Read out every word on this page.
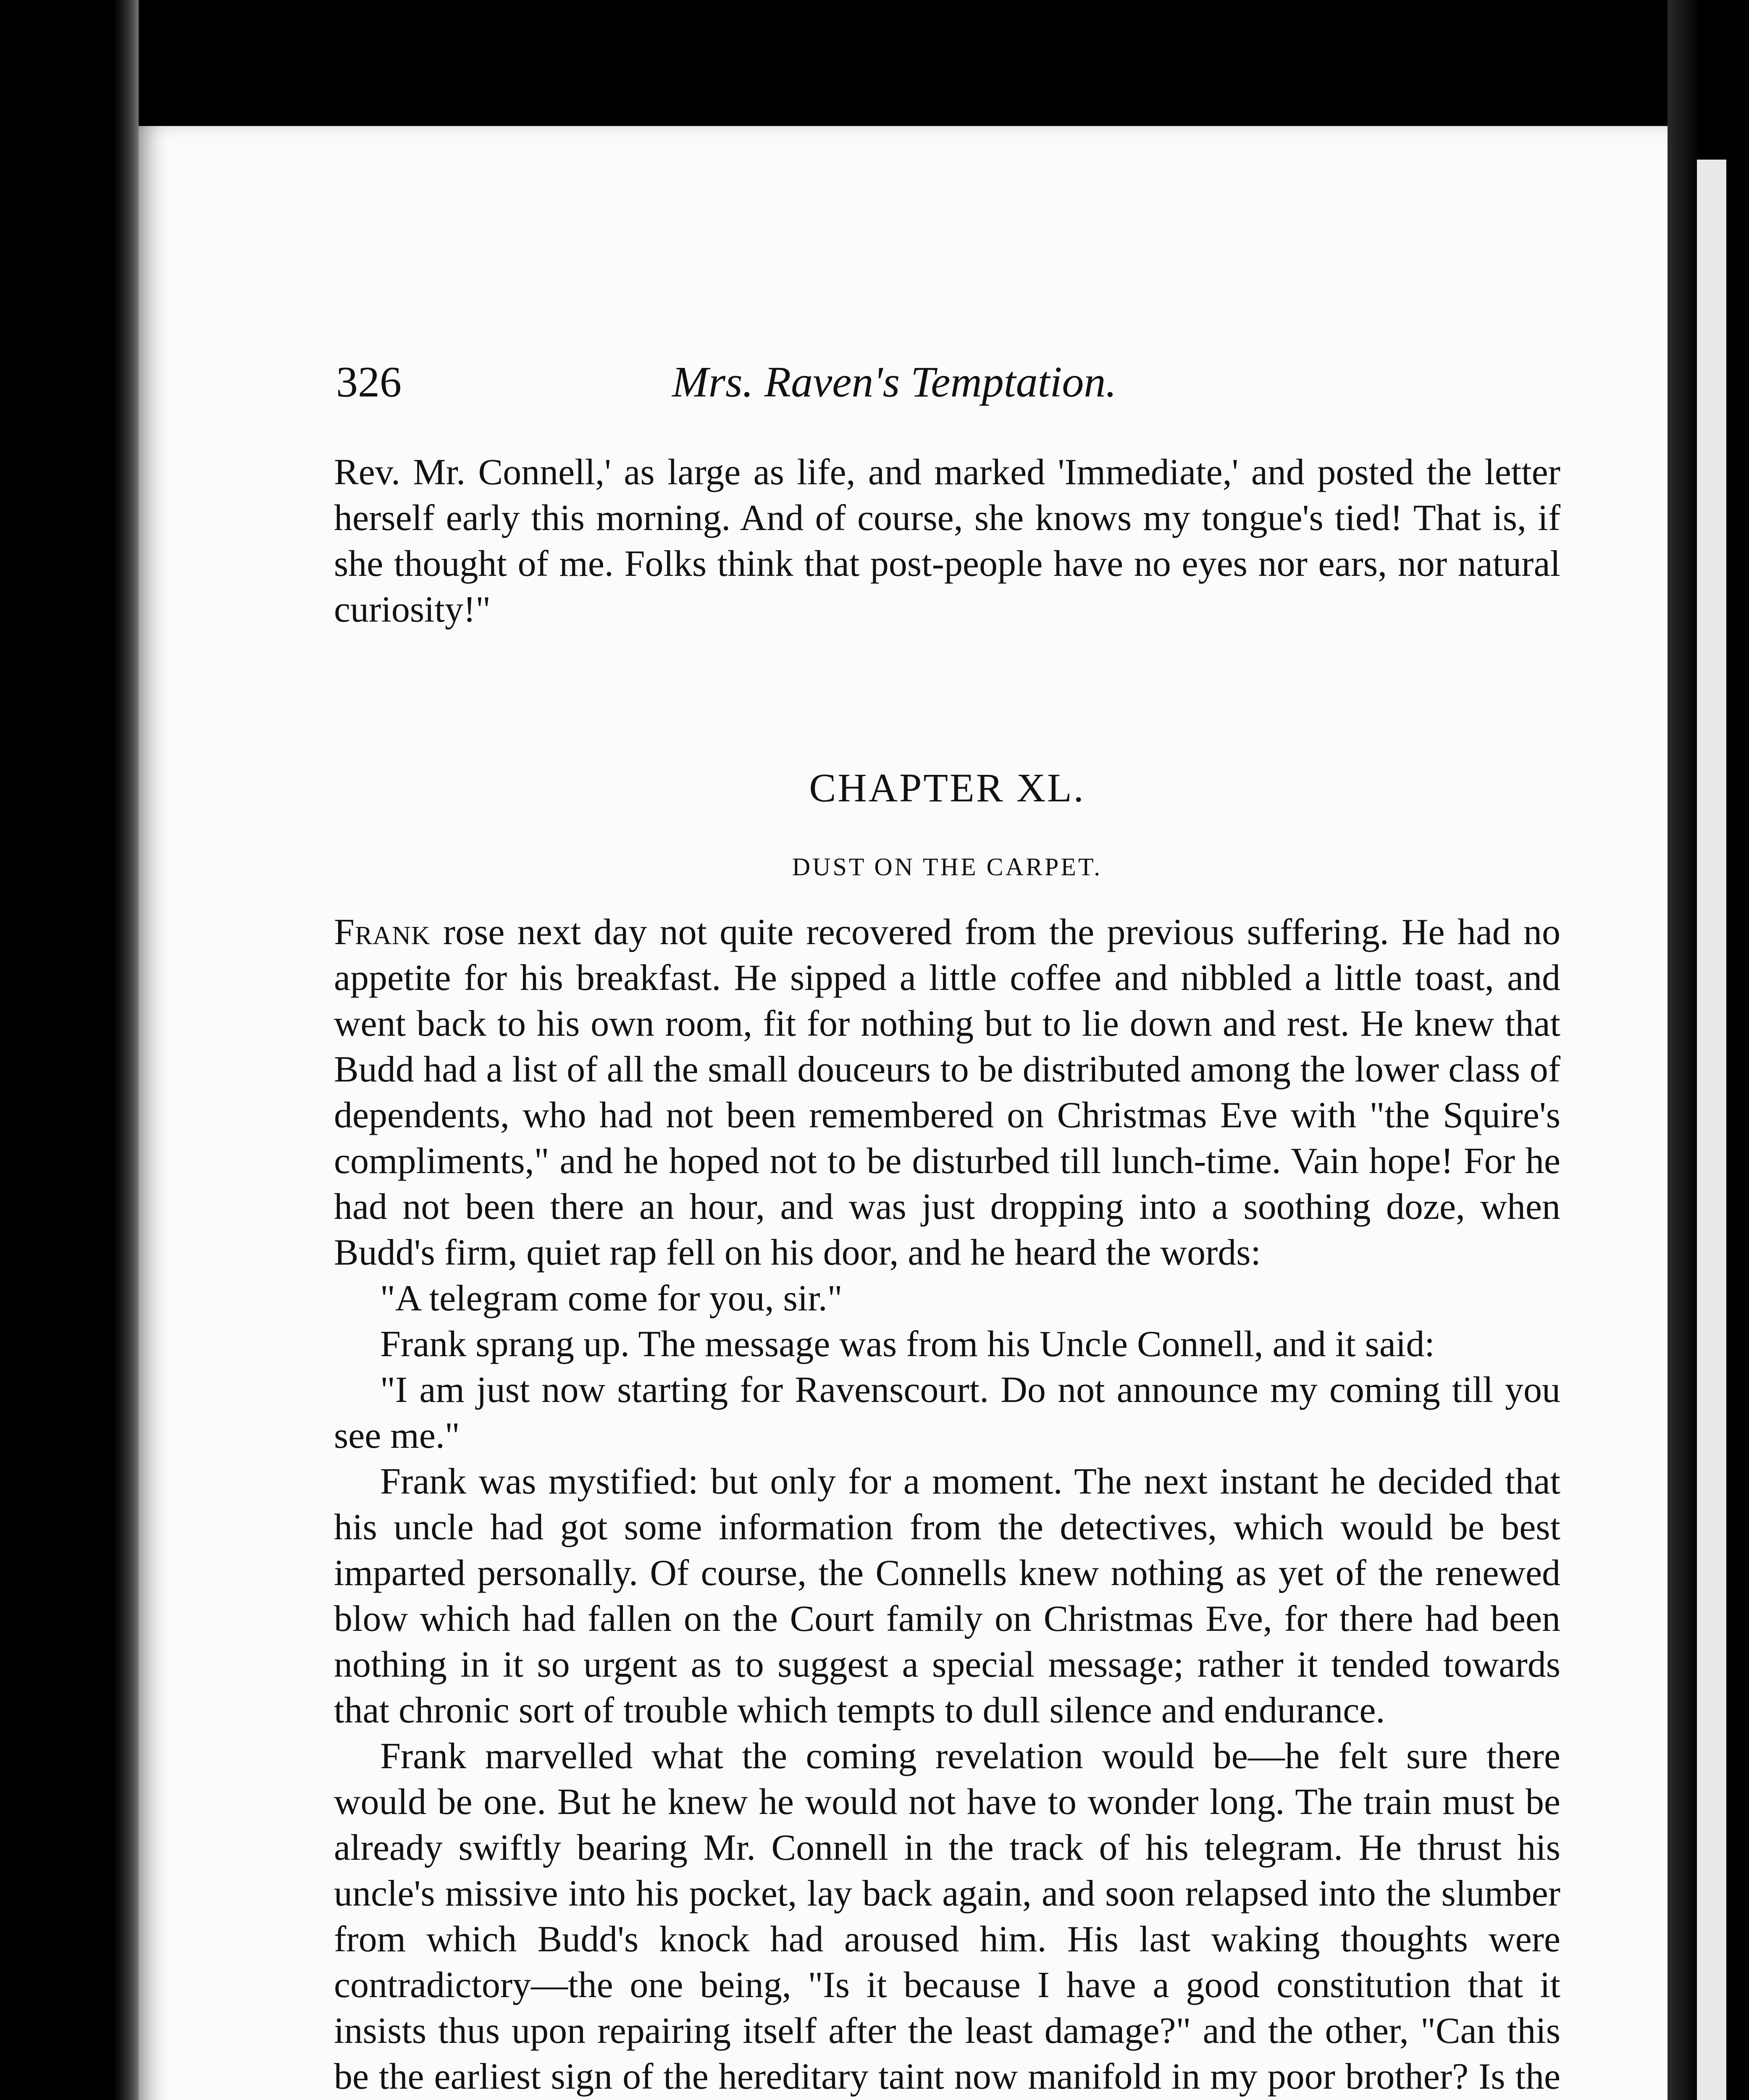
326	Mrs. Raven's Temptation.

Rev. Mr. Connell,' as large as life, and marked 'Immediate,' and posted the letter herself early this morning. And of course, she knows my tongue's tied! That is, if she thought of me. Folks think that post-people have no eyes nor ears, nor natural curiosity!"

CHAPTER XL.
DUST ON THE CARPET.

Frank rose next day not quite recovered from the previous suffering. He had no appetite for his breakfast. He sipped a little coffee and nibbled a little toast, and went back to his own room, fit for nothing but to lie down and rest. He knew that Budd had a list of all the small douceurs to be distributed among the lower class of dependents, who had not been remembered on Christmas Eve with "the Squire's compliments," and he hoped not to be disturbed till lunch-time. Vain hope! For he had not been there an hour, and was just dropping into a soothing doze, when Budd's firm, quiet rap fell on his door, and he heard the words:

"A telegram come for you, sir."

Frank sprang up. The message was from his Uncle Connell, and it said:

"I am just now starting for Ravenscourt. Do not announce my coming till you see me."

Frank was mystified: but only for a moment. The next instant he decided that his uncle had got some information from the detectives, which would be best imparted personally. Of course, the Connells knew nothing as yet of the renewed blow which had fallen on the Court family on Christmas Eve, for there had been nothing in it so urgent as to suggest a special message; rather it tended towards that chronic sort of trouble which tempts to dull silence and endurance.

Frank marvelled what the coming revelation would be—he felt sure there would be one. But he knew he would not have to wonder long. The train must be already swiftly bearing Mr. Connell in the track of his telegram. He thrust his uncle's missive into his pocket, lay back again, and soon relapsed into the slumber from which Budd's knock had aroused him. His last waking thoughts were contradictory—the one being, "Is it because I have a good constitution that it insists thus upon repairing itself after the least damage?" and the other, "Can this be the earliest sign of the hereditary taint now manifold in my poor brother? Is the
